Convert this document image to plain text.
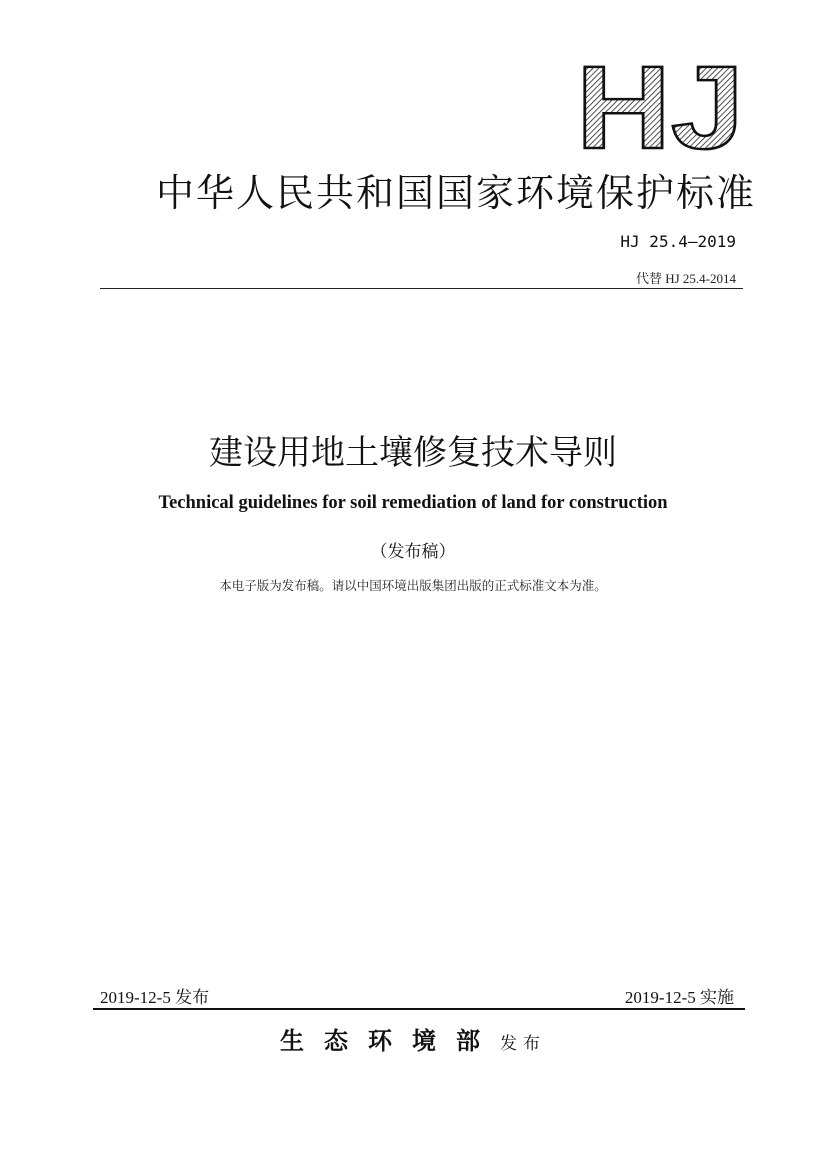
HJ
中华人民共和国国家环境保护标准
HJ 25.4—2019
代替 HJ 25.4-2014
建设用地土壤修复技术导则
Technical guidelines for soil remediation of land for construction
（发布稿）
本电子版为发布稿。请以中国环境出版集团出版的正式标准文本为准。
2019-12-5 发布	2019-12-5 实施
生态环境部发布
